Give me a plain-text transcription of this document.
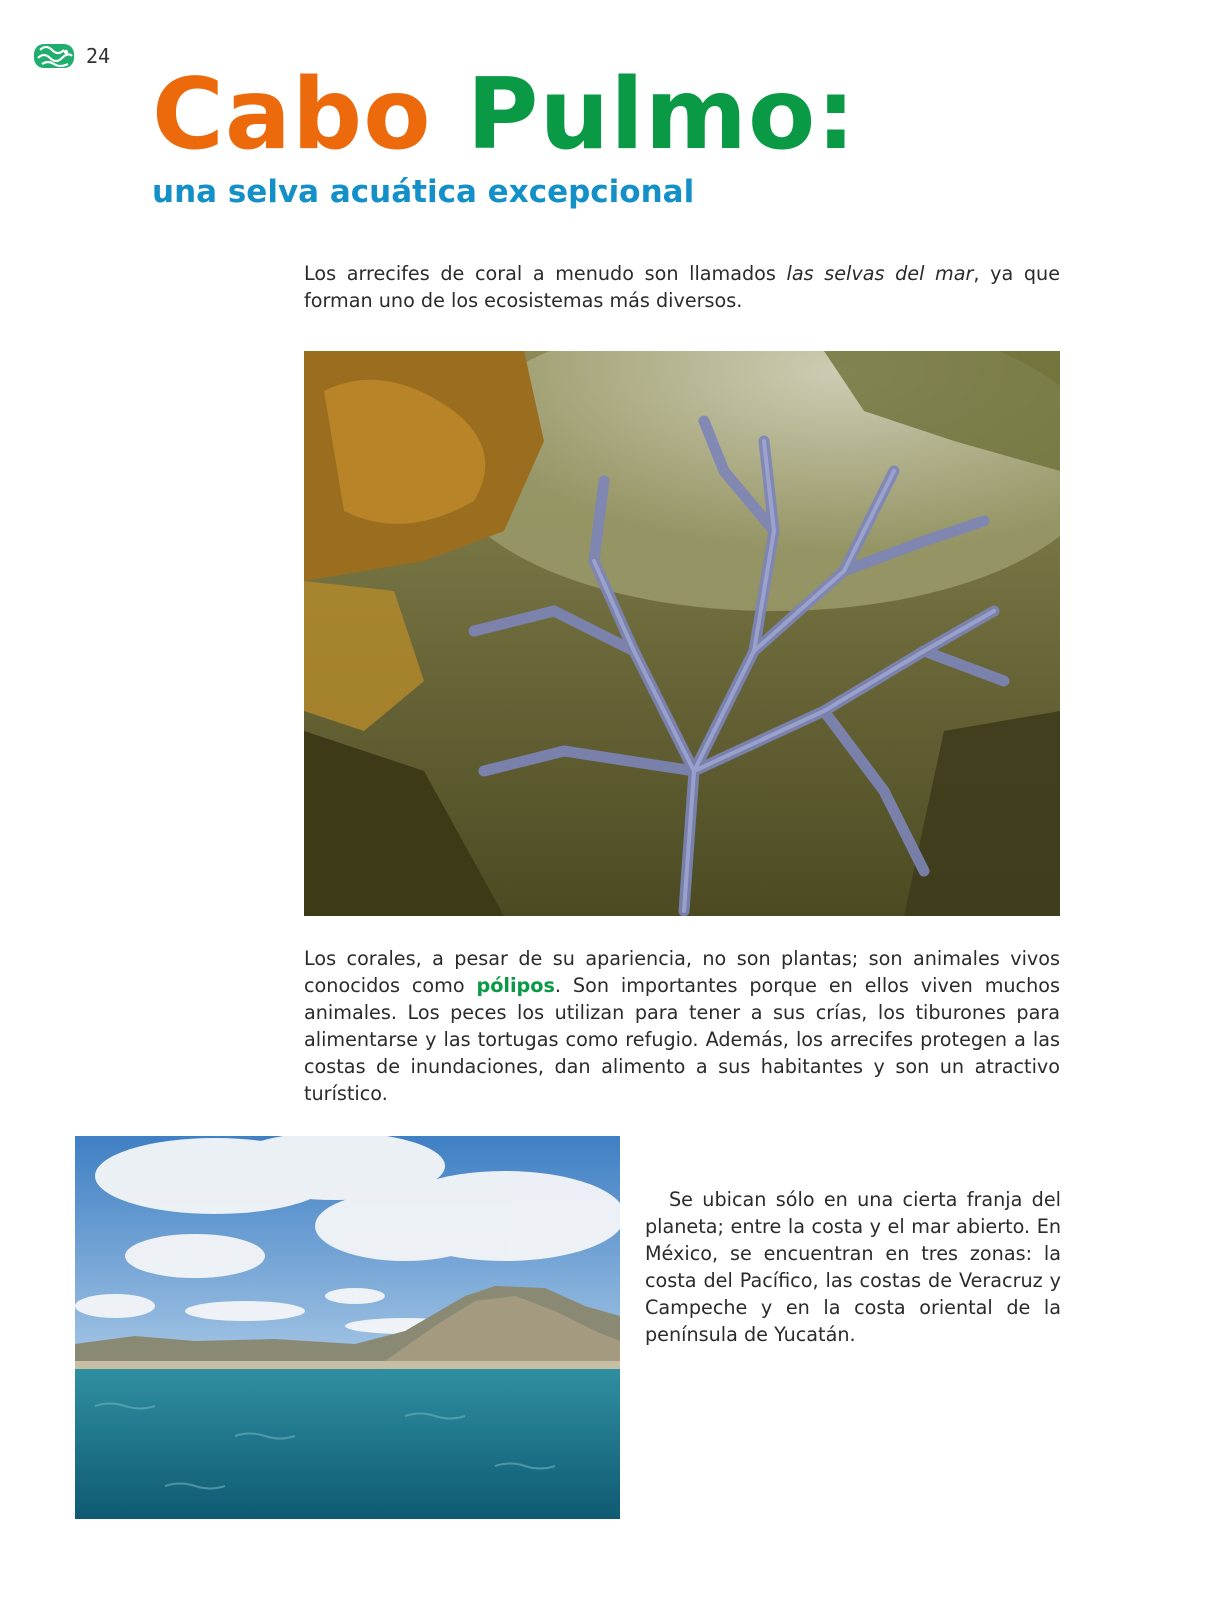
24
Cabo Pulmo:
una selva acuática excepcional

Los arrecifes de coral a menudo son llamados las selvas del mar, ya que forman uno de los ecosistemas más diversos.

Los corales, a pesar de su apariencia, no son plantas; son animales vivos conocidos como pólipos. Son importantes porque en ellos viven muchos animales. Los peces los utilizan para tener a sus crías, los tiburones para alimentarse y las tortugas como refugio. Además, los arrecifes protegen a las costas de inundaciones, dan alimento a sus habitantes y son un atractivo turístico.

Se ubican sólo en una cierta franja del planeta; entre la costa y el mar abierto. En México, se encuentran en tres zonas: la costa del Pacífico, las costas de Veracruz y Campeche y en la costa oriental de la península de Yucatán.
